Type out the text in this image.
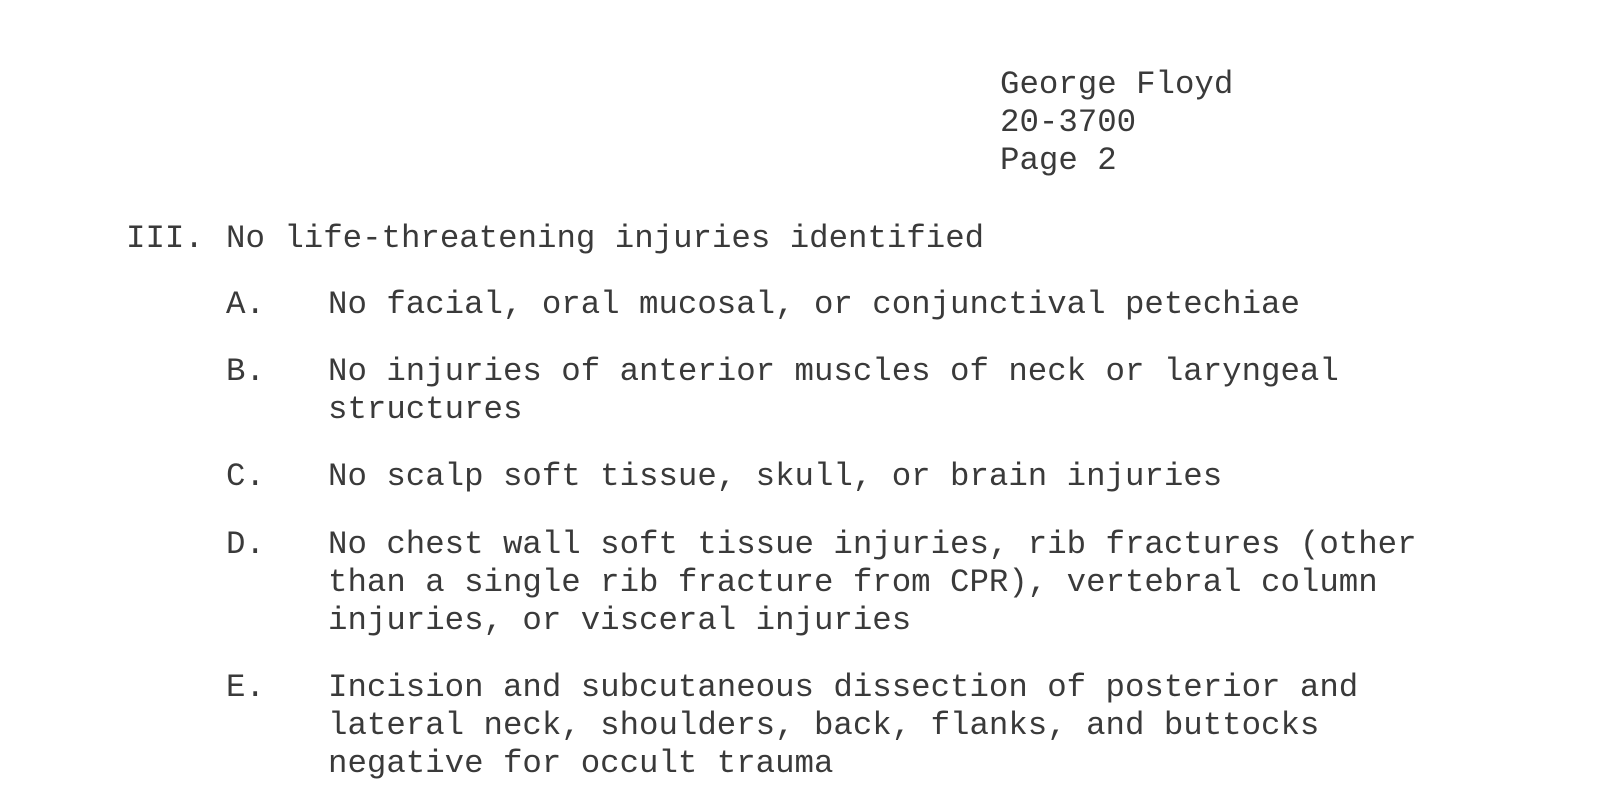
George Floyd
20-3700
Page 2
III. No life-threatening injuries identified
A. No facial, oral mucosal, or conjunctival petechiae
B. No injuries of anterior muscles of neck or laryngeal
structures
C. No scalp soft tissue, skull, or brain injuries
D. No chest wall soft tissue injuries, rib fractures (other
than a single rib fracture from CPR), vertebral column
injuries, or visceral injuries
E. Incision and subcutaneous dissection of posterior and
lateral neck, shoulders, back, flanks, and buttocks
negative for occult trauma
